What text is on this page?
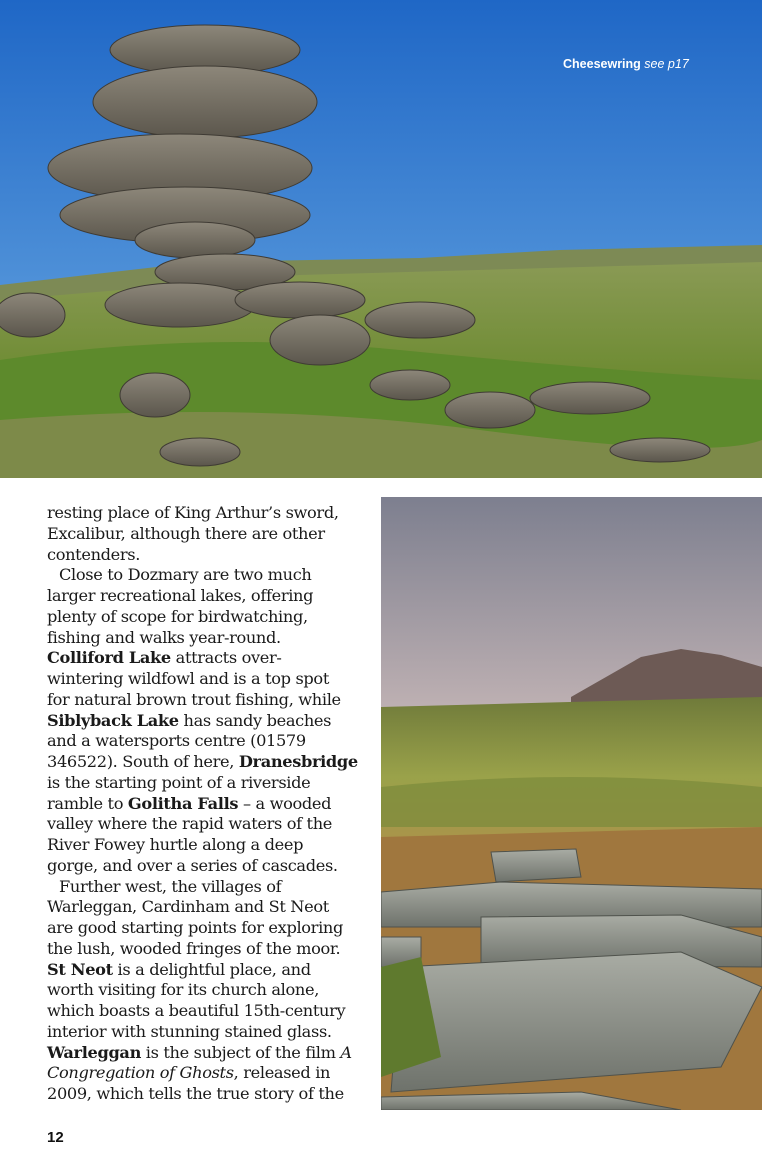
Cheesewring see p17
resting place of King Arthur’s sword,
Excalibur, although there are other
contenders.
Close to Dozmary are two much
larger recreational lakes, offering
plenty of scope for birdwatching,
fishing and walks year-round.
Colliford Lake attracts over-
wintering wildfowl and is a top spot
for natural brown trout fishing, while
Siblyback Lake has sandy beaches
and a watersports centre (01579
346522). South of here, Dranesbridge
is the starting point of a riverside
ramble to Golitha Falls – a wooded
valley where the rapid waters of the
River Fowey hurtle along a deep
gorge, and over a series of cascades.
Further west, the villages of
Warleggan, Cardinham and St Neot
are good starting points for exploring
the lush, wooded fringes of the moor.
St Neot is a delightful place, and
worth visiting for its church alone,
which boasts a beautiful 15th-century
interior with stunning stained glass.
Warleggan is the subject of the film A
Congregation of Ghosts, released in
2009, which tells the true story of the
12
